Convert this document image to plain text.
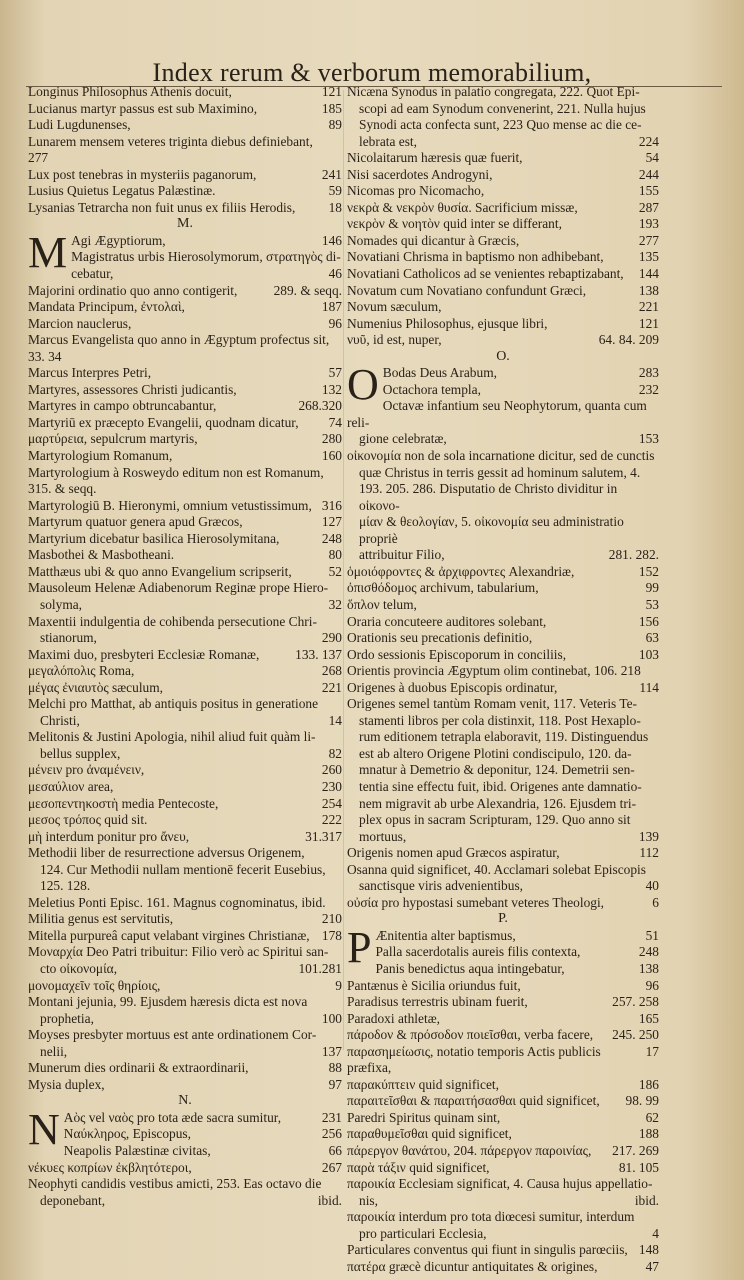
Index rerum & verborum memorabilium,
121
Longinus Philosophus Athenis docuit,
185
Lucianus martyr passus est sub Maximino,
89
Ludi Lugdunenses,
Lunarem mensem veteres triginta diebus definiebant,
277
241
Lux post tenebras in mysteriis paganorum,
59
Lusius Quietus Legatus Palæstinæ.
18
Lysanias Tetrarcha non fuit unus ex filiis Herodis,
M.
146
M Agi Ægyptiorum,
Magistratus urbis Hierosolymorum, στρατηγὸς di-
46
cebatur,
289. & seqq.
Majorini ordinatio quo anno contigerit,
187
Mandata Principum, ἐντολαὶ,
96
Marcion nauclerus,
Marcus Evangelista quo anno in Ægyptum profectus sit,
33. 34
57
Marcus Interpres Petri,
132
Martyres, assessores Christi judicantis,
268.320
Martyres in campo obtruncabantur,
74
Martyriū ex præcepto Evangelii, quodnam dicatur,
280
μαρτύρεια, sepulcrum martyris,
160
Martyrologium Romanum,
Martyrologium à Rosweydo editum non est Romanum,
315. & seqq.
316
Martyrologiū B. Hieronymi, omnium vetustissimum,
127
Martyrum quatuor genera apud Græcos,
248
Martyrium dicebatur basilica Hierosolymitana,
80
Masbothei & Masbotheani.
52
Matthæus ubi & quo anno Evangelium scripserit,
Mausoleum Helenæ Adiabenorum Reginæ prope Hiero-
32
solyma,
Maxentii indulgentia de cohibenda persecutione Chri-
290
stianorum,
133. 137
Maximi duo, presbyteri Ecclesiæ Romanæ,
268
μεγαλόπολις Roma,
221
μέγας ἐνιαυτὸς sæculum,
Melchi pro Matthat, ab antiquis positus in generatione
14
Christi,
Melitonis & Justini Apologia, nihil aliud fuit quàm li-
82
bellus supplex,
260
μένειν pro ἀναμένειν,
230
μεσαύλιον area,
254
μεσοπεντηκοστὴ media Pentecoste,
222
μεσος τρόπος quid sit.
31.317
μὴ interdum ponitur pro ἄνευ,
Methodii liber de resurrectione adversus Origenem,
124. Cur Methodii nullam mentionē fecerit Eusebius,
125. 128.
Meletius Ponti Episc. 161. Magnus cognominatus, ibid.
210
Militia genus est servitutis,
178
Mitella purpureâ caput velabant virgines Christianæ,
Μοναρχία Deo Patri tribuitur: Filio verò ac Spiritui san-
101.281
cto οἰκονομία,
9
μονομαχεῖν τοῖς θηρίοις,
Montani jejunia, 99. Ejusdem hæresis dicta est nova
100
prophetia,
Moyses presbyter mortuus est ante ordinationem Cor-
137
nelii,
88
Munerum dies ordinarii & extraordinarii,
97
Mysia duplex,
N.
231
N Αὸς vel ναὸς pro tota æde sacra sumitur,
256
Ναύκληρος, Episcopus,
66
Neapolis Palæstinæ civitas,
267
νέκυες κοπρίων ἐκβλητότεροι,
Neophyti candidis vestibus amicti, 253. Eas octavo die
ibid.
deponebant,
Nicæna Synodus in palatio congregata, 222. Quot Epi-
scopi ad eam Synodum convenerint, 221. Nulla hujus
Synodi acta confecta sunt, 223 Quo mense ac die ce-
224
lebrata est,
54
Nicolaitarum hæresis quæ fuerit,
244
Nisi sacerdotes Androgyni,
155
Nicomas pro Nicomacho,
287
νεκρὰ & νεκρὸν θυσία. Sacrificium missæ,
193
νεκρὸν & νοητὸν quid inter se differant,
277
Nomades qui dicantur à Græcis,
135
Novatiani Chrisma in baptismo non adhibebant,
144
Novatiani Catholicos ad se venientes rebaptizabant,
138
Novatum cum Novatiano confundunt Græci,
221
Novum sæculum,
121
Numenius Philosophus, ejusque libri,
64. 84. 209
νυῦ, id est, nuper,
O.
283
O Bodas Deus Arabum,
232
Octachora templa,
Octavæ infantium seu Neophytorum, quanta cum reli-
153
gione celebratæ,
οἰκονομία non de sola incarnatione dicitur, sed de cunctis
quæ Christus in terris gessit ad hominum salutem, 4.
193. 205. 286. Disputatio de Christo dividitur in οἰκονο-
μίαν & θεολογίαν, 5. οἰκονομία seu administratio propriè
281. 282.
attribuitur Filio,
152
ὁμοιόφροντες & ἀρχιφροντες Alexandriæ,
99
ὀπισθόδομος archivum, tabularium,
53
ὅπλον telum,
156
Oraria concuteere auditores solebant,
63
Orationis seu precationis definitio,
103
Ordo sessionis Episcoporum in conciliis,
Orientis provincia Ægyptum olim continebat, 106. 218
114
Origenes à duobus Episcopis ordinatur,
Origenes semel tantùm Romam venit, 117. Veteris Te-
stamenti libros per cola distinxit, 118. Post Hexaplo-
rum editionem tetrapla elaboravit, 119. Distinguendus
est ab altero Origene Plotini condiscipulo, 120. da-
mnatur à Demetrio & deponitur, 124. Demetrii sen-
tentia sine effectu fuit, ibid. Origenes ante damnatio-
nem migravit ab urbe Alexandria, 126. Ejusdem tri-
plex opus in sacram Scripturam, 129. Quo anno sit
139
mortuus,
112
Origenis nomen apud Græcos aspiratur,
Osanna quid significet, 40. Acclamari solebat Episcopis
40
sanctisque viris advenientibus,
6
οὐσία pro hypostasi sumebant veteres Theologi,
P.
51
P Ænitentia alter baptismus,
248
Palla sacerdotalis aureis filis contexta,
138
Panis benedictus aqua intingebatur,
96
Pantænus è Sicilia oriundus fuit,
257. 258
Paradisus terrestris ubinam fuerit,
165
Paradoxi athletæ,
245. 250
πάροδον & πρόσοδον ποιεῖσθαι, verba facere,
17
παρασημείωσις, notatio temporis Actis publicis præfixa,
186
παρακύπτειν quid significet,
98. 99
παραιτεῖσθαι & παραιτήσασθαι quid significet,
62
Paredri Spiritus quinam sint,
188
παραθυμεῖσθαι quid significet,
217. 269
πάρεργον θανάτου, 204. πάρεργον παροινίας,
81. 105
παρὰ τάξιν quid significet,
παροικία Ecclesiam significat, 4. Causa hujus appellatio-
ibid.
nis,
παροικία interdum pro tota diœcesi sumitur, interdum
4
pro particulari Ecclesia,
148
Particulares conventus qui fiunt in singulis parœciis,
47
πατέρα græcè dicuntur antiquitates & origines,
